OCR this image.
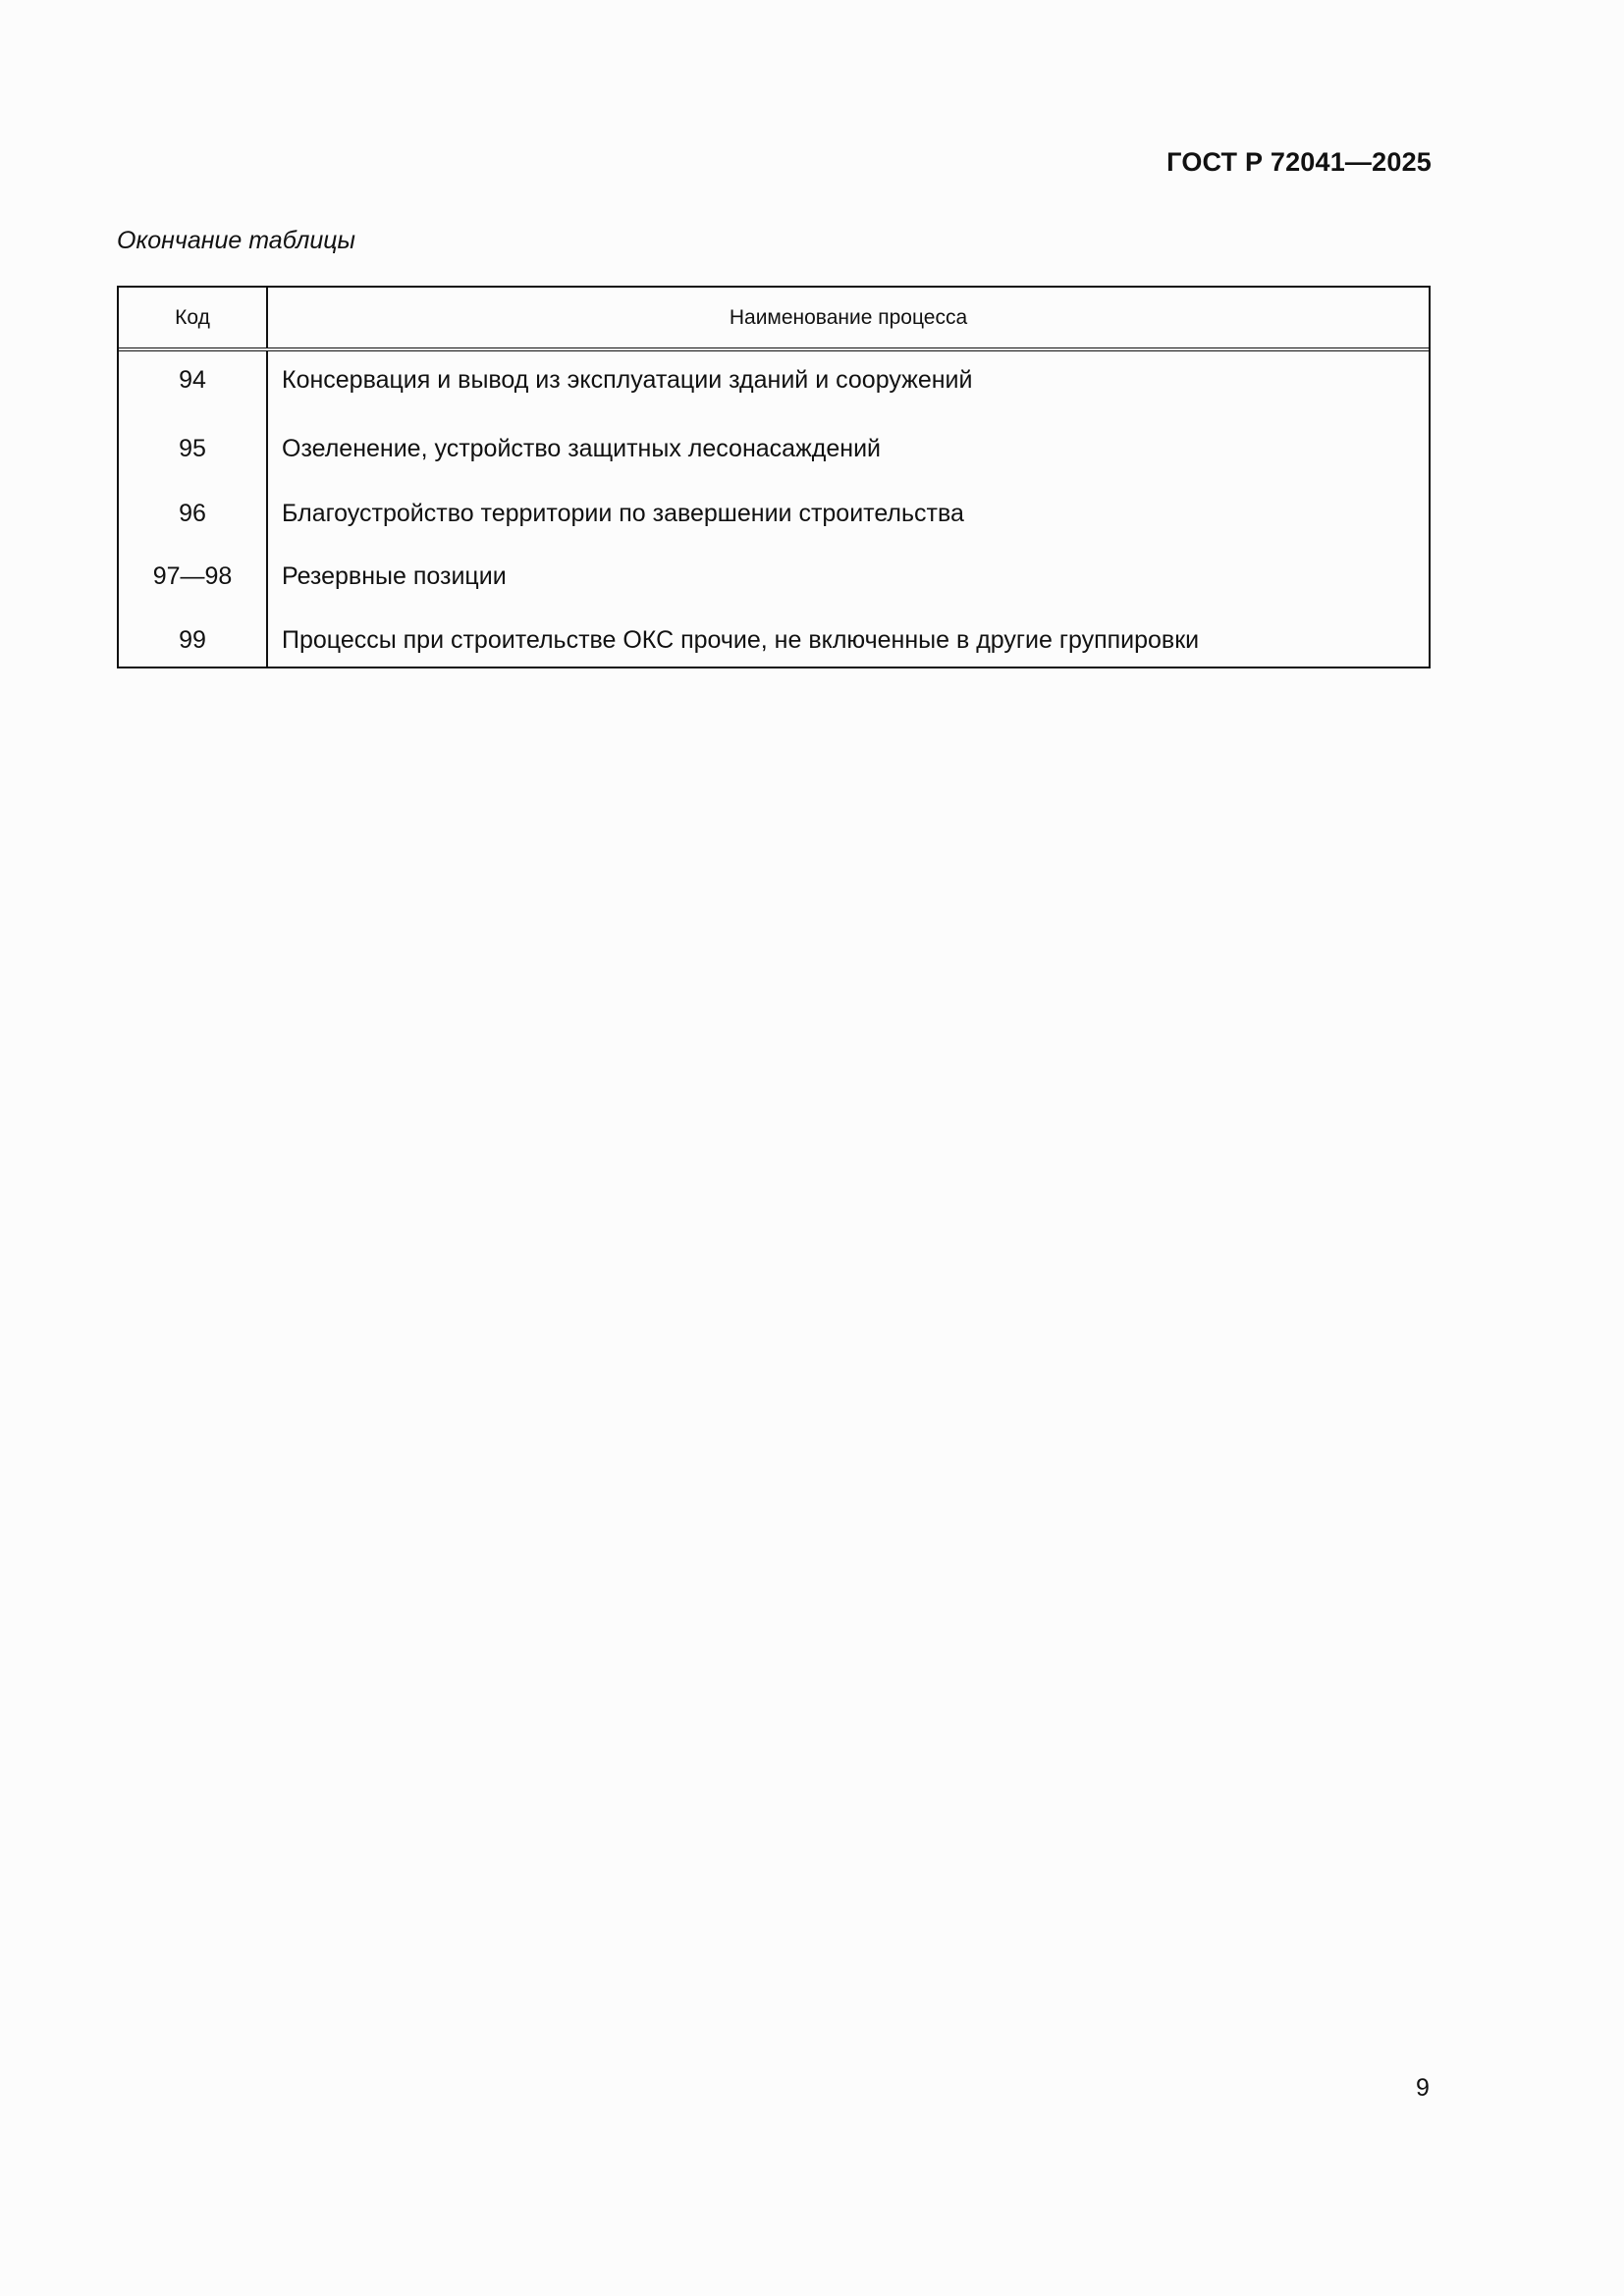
ГОСТ Р 72041—2025
Окончание таблицы
Код	Наименование процесса
94	Консервация и вывод из эксплуатации зданий и сооружений
95	Озеленение, устройство защитных лесонасаждений
96	Благоустройство территории по завершении строительства
97—98	Резервные позиции
99	Процессы при строительстве ОКС прочие, не включенные в другие группировки
9
